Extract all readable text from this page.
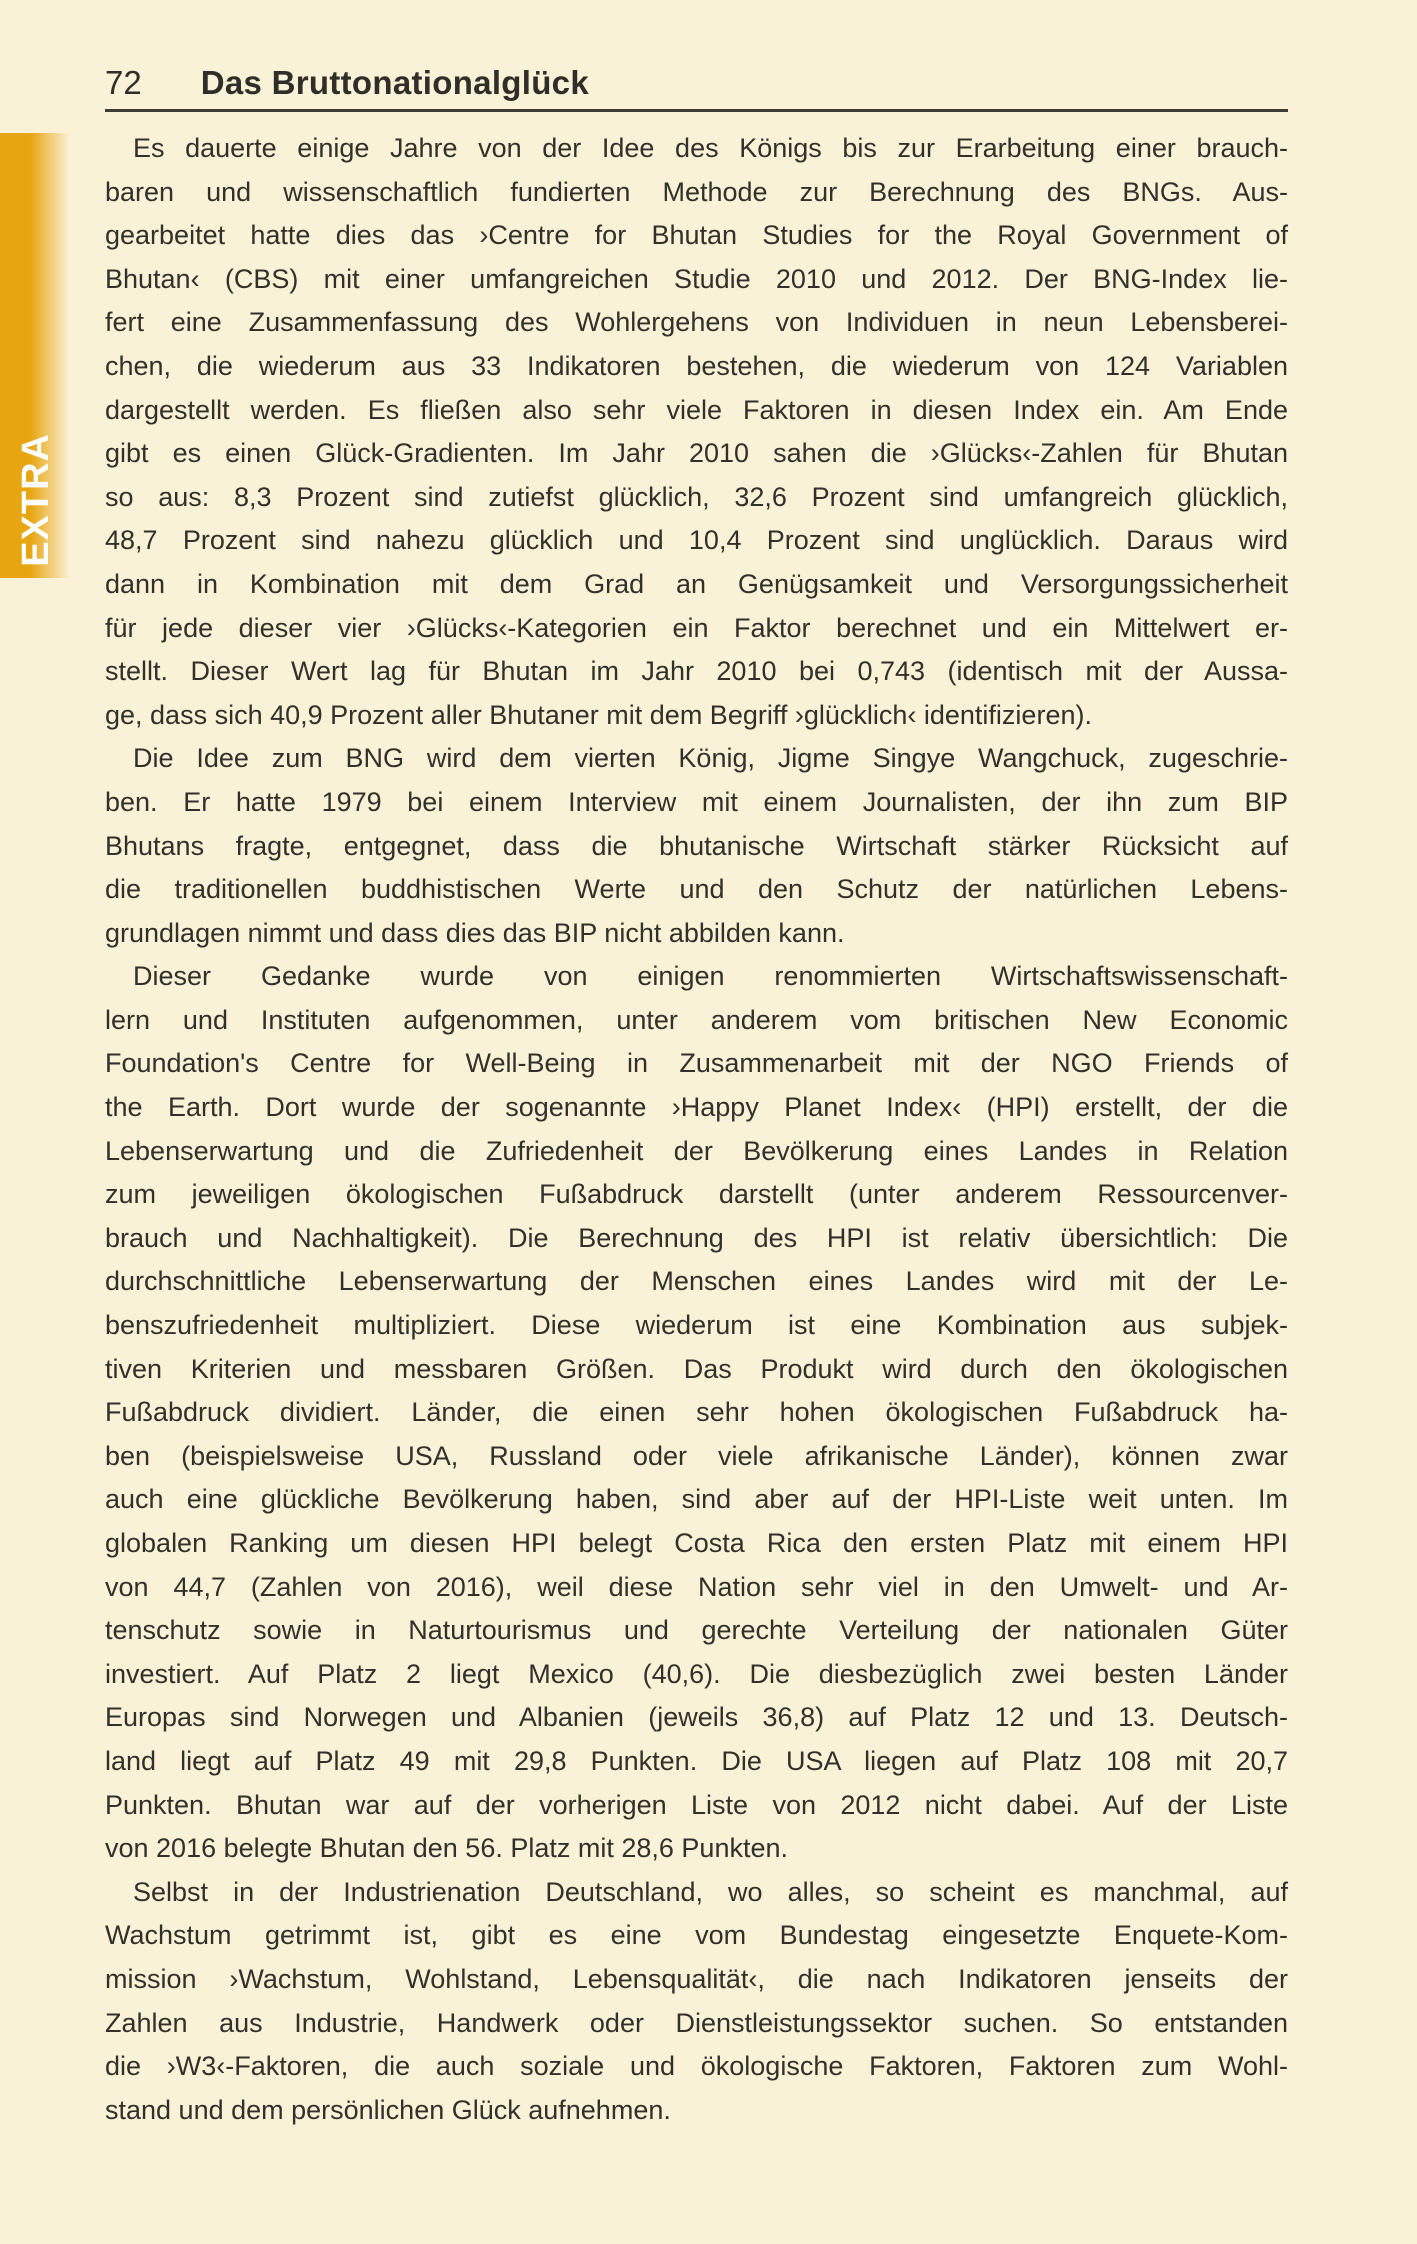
EXTRA
72 Das Bruttonationalglück
Es dauerte einige Jahre von der Idee des Königs bis zur Erarbeitung einer brauch-
baren und wissenschaftlich fundierten Methode zur Berechnung des BNGs. Aus-
gearbeitet hatte dies das ›Centre for Bhutan Studies for the Royal Government of
Bhutan‹ (CBS) mit einer umfangreichen Studie 2010 und 2012. Der BNG-Index lie-
fert eine Zusammenfassung des Wohlergehens von Individuen in neun Lebensberei-
chen, die wiederum aus 33 Indikatoren bestehen, die wiederum von 124 Variablen
dargestellt werden. Es fließen also sehr viele Faktoren in diesen Index ein. Am Ende
gibt es einen Glück-Gradienten. Im Jahr 2010 sahen die ›Glücks‹-Zahlen für Bhutan
so aus: 8,3 Prozent sind zutiefst glücklich, 32,6 Prozent sind umfangreich glücklich,
48,7 Prozent sind nahezu glücklich und 10,4 Prozent sind unglücklich. Daraus wird
dann in Kombination mit dem Grad an Genügsamkeit und Versorgungssicherheit
für jede dieser vier ›Glücks‹-Kategorien ein Faktor berechnet und ein Mittelwert er-
stellt. Dieser Wert lag für Bhutan im Jahr 2010 bei 0,743 (identisch mit der Aussa-
ge, dass sich 40,9 Prozent aller Bhutaner mit dem Begriff ›glücklich‹ identifizieren).
Die Idee zum BNG wird dem vierten König, Jigme Singye Wangchuck, zugeschrie-
ben. Er hatte 1979 bei einem Interview mit einem Journalisten, der ihn zum BIP
Bhutans fragte, entgegnet, dass die bhutanische Wirtschaft stärker Rücksicht auf
die traditionellen buddhistischen Werte und den Schutz der natürlichen Lebens-
grundlagen nimmt und dass dies das BIP nicht abbilden kann.
Dieser Gedanke wurde von einigen renommierten Wirtschaftswissenschaft-
lern und Instituten aufgenommen, unter anderem vom britischen New Economic
Foundation's Centre for Well-Being in Zusammenarbeit mit der NGO Friends of
the Earth. Dort wurde der sogenannte ›Happy Planet Index‹ (HPI) erstellt, der die
Lebenserwartung und die Zufriedenheit der Bevölkerung eines Landes in Relation
zum jeweiligen ökologischen Fußabdruck darstellt (unter anderem Ressourcenver-
brauch und Nachhaltigkeit). Die Berechnung des HPI ist relativ übersichtlich: Die
durchschnittliche Lebenserwartung der Menschen eines Landes wird mit der Le-
benszufriedenheit multipliziert. Diese wiederum ist eine Kombination aus subjek-
tiven Kriterien und messbaren Größen. Das Produkt wird durch den ökologischen
Fußabdruck dividiert. Länder, die einen sehr hohen ökologischen Fußabdruck ha-
ben (beispielsweise USA, Russland oder viele afrikanische Länder), können zwar
auch eine glückliche Bevölkerung haben, sind aber auf der HPI-Liste weit unten. Im
globalen Ranking um diesen HPI belegt Costa Rica den ersten Platz mit einem HPI
von 44,7 (Zahlen von 2016), weil diese Nation sehr viel in den Umwelt- und Ar-
tenschutz sowie in Naturtourismus und gerechte Verteilung der nationalen Güter
investiert. Auf Platz 2 liegt Mexico (40,6). Die diesbezüglich zwei besten Länder
Europas sind Norwegen und Albanien (jeweils 36,8) auf Platz 12 und 13. Deutsch-
land liegt auf Platz 49 mit 29,8 Punkten. Die USA liegen auf Platz 108 mit 20,7
Punkten. Bhutan war auf der vorherigen Liste von 2012 nicht dabei. Auf der Liste
von 2016 belegte Bhutan den 56. Platz mit 28,6 Punkten.
Selbst in der Industrienation Deutschland, wo alles, so scheint es manchmal, auf
Wachstum getrimmt ist, gibt es eine vom Bundestag eingesetzte Enquete-Kom-
mission ›Wachstum, Wohlstand, Lebensqualität‹, die nach Indikatoren jenseits der
Zahlen aus Industrie, Handwerk oder Dienstleistungssektor suchen. So entstanden
die ›W3‹-Faktoren, die auch soziale und ökologische Faktoren, Faktoren zum Wohl-
stand und dem persönlichen Glück aufnehmen.
